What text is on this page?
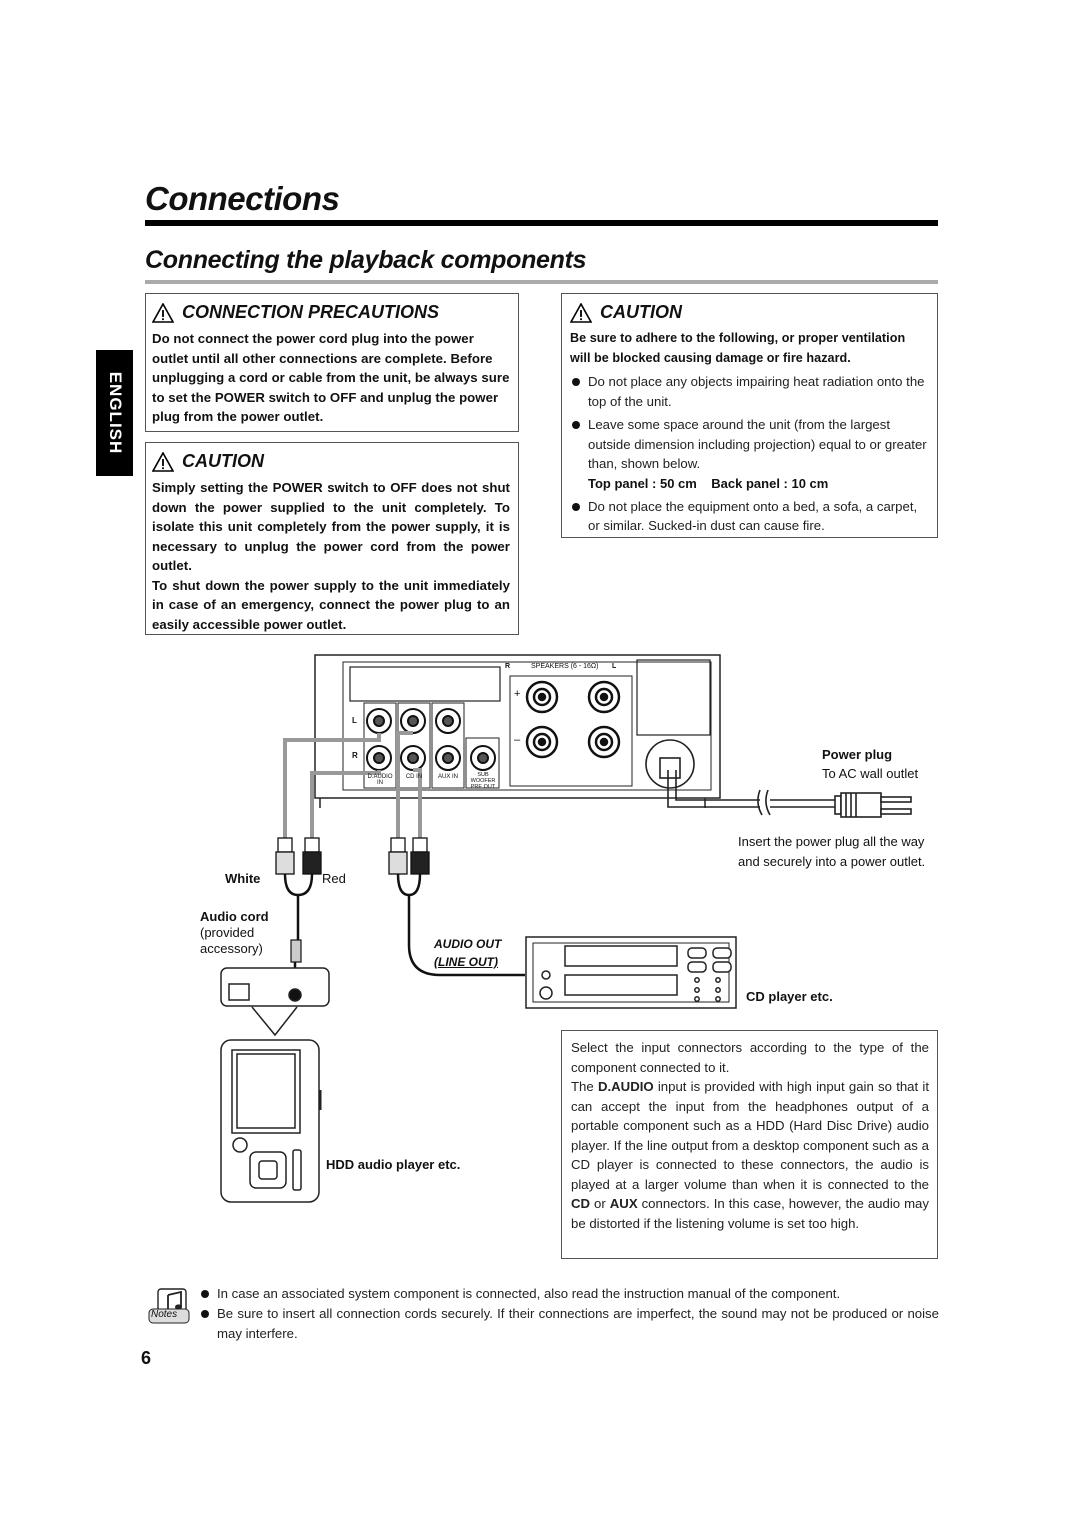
Connections
Connecting the playback components
ENGLISH
CONNECTION PRECAUTIONS
Do not connect the power cord plug into the power outlet until all other connections are complete. Before unplugging a cord or cable from the unit, be always sure to set the POWER switch to OFF and unplug the power plug from the power outlet.
CAUTION
Simply setting the POWER switch to OFF does not shut down the power supplied to the unit completely. To isolate this unit completely from the power supply, it is necessary to unplug the power cord from the power outlet.
To shut down the power supply to the unit immediately in case of an emergency, connect the power plug to an easily accessible power outlet.
CAUTION
Be sure to adhere to the following, or proper ventilation will be blocked causing damage or fire hazard.
Do not place any objects impairing heat radiation onto the top of the unit.
Leave some space around the unit (from the largest outside dimension including projection) equal to or greater than, shown below.
Top panel : 50 cm    Back panel : 10 cm
Do not place the equipment onto a bed, a sofa, a carpet, or similar. Sucked-in dust can cause fire.
SPEAKERS (6 - 16Ω)
+
–
L
R
R	L
D.AUDIO IN
CD IN	AUX IN	SUB WOOFER PRE OUT
Power plug
To AC wall outlet
Insert the power plug all the way and securely into a power outlet.
White	Red
Audio cord
(provided
accessory)	AUDIO OUT
(LINE OUT)
CD player etc.
HDD audio player etc.
Select the input connectors according to the type of the component connected to it.
The D.AUDIO input is provided with high input gain so that it can accept the input from the headphones output of a portable component such as a HDD (Hard Disc Drive) audio player. If the line output from a desktop component such as a CD player is connected to these connectors, the audio is played at a larger volume than when it is connected to the CD or AUX connectors. In this case, however, the audio may be distorted if the listening volume is set too high.
Notes
In case an associated system component is connected, also read the instruction manual of the component.
Be sure to insert all connection cords securely. If their connections are imperfect, the sound may not be produced or noise may interfere.
6
